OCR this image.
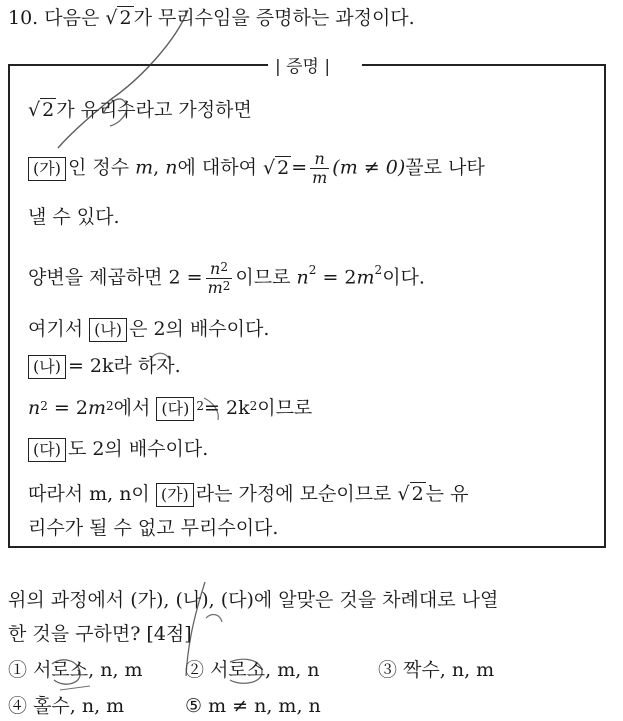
10. 다음은 √ 2 가 무리수임을 증명하는 과정이다.
| 증명 |
√ 2 가 유리수라고 가정하면
(가) 인 정수 m, n에 대하여 √ $2 = \frac{n}{m} (m \ne 0)$꼴로 나타
낼 수 있다.
양변을 제곱하면 $2 = \frac{n^2}{m^2}$ 이므로 $n^2 = 2m^2$이다.
여기서 (나) 은 2의 배수이다.
(나) = 2k라 하자.
$n^2 = 2m^2$에서 (다) $^2= 2k^2$이므로
(다) 도 2의 배수이다.
따라서 m, n이 (가) 라는 가정에 모순이므로 √ 2 는 유
리수가 될 수 없고 무리수이다.
위의 과정에서 (가), (나), (다)에 알맞은 것을 차례대로 나열
한 것을 구하면? [4점]
① 서로소, n, m ② 서로소, m, n	③ 짝수, n, m
④ 홀수, n, m	⑤ m ≠ n, m, n
